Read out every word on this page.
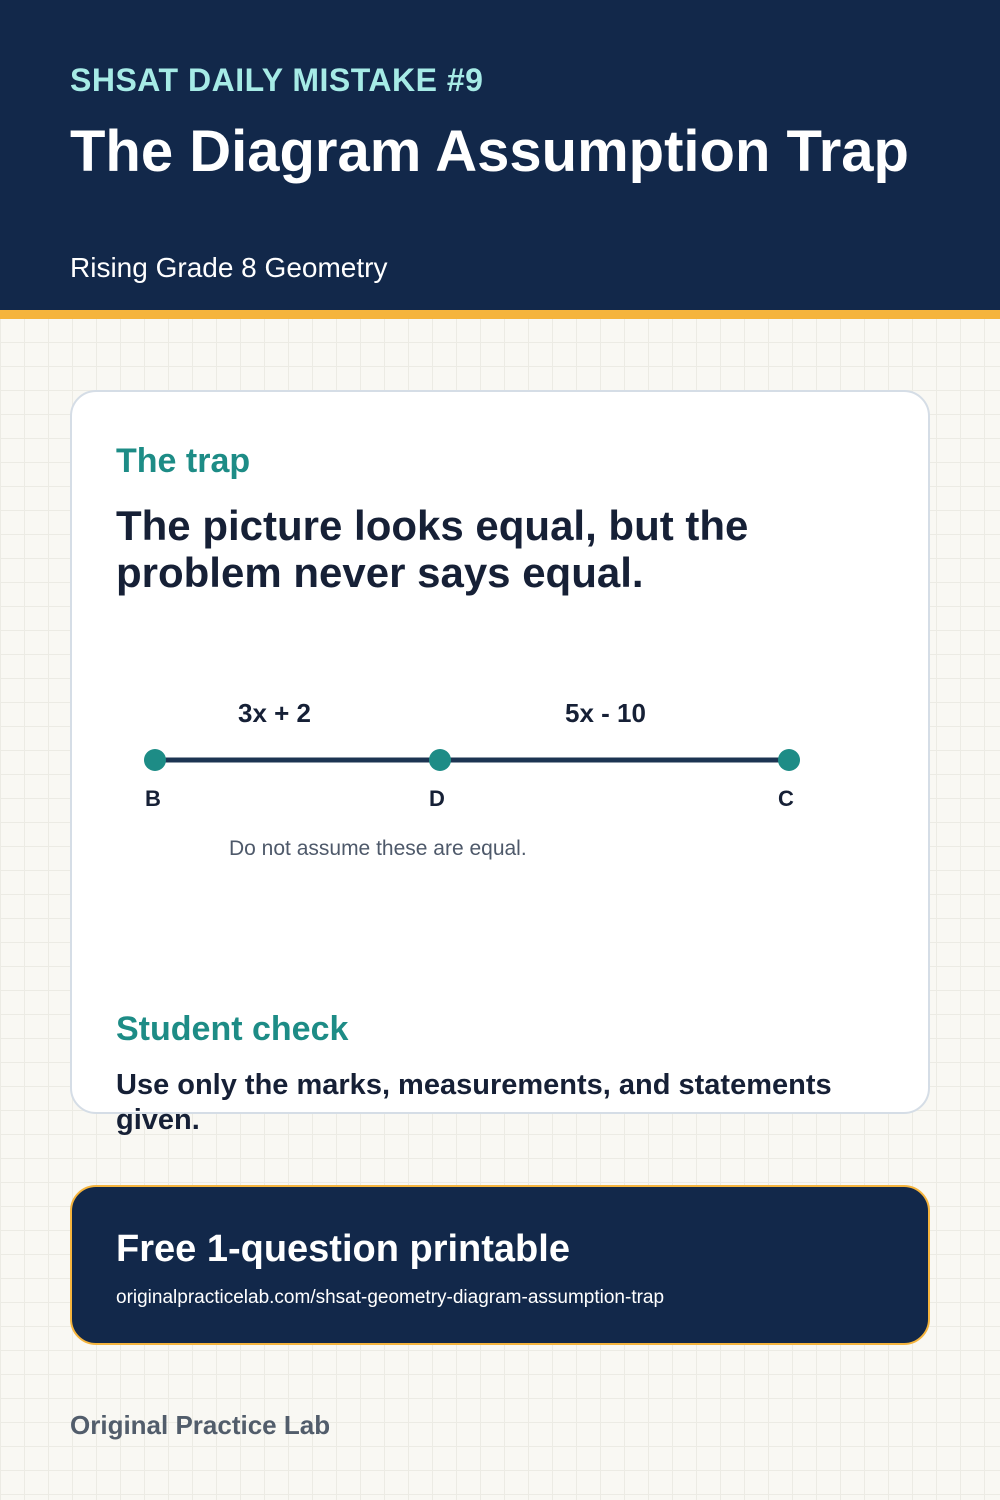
SHSAT DAILY MISTAKE #9
The Diagram Assumption Trap
Rising Grade 8 Geometry
The trap
The picture looks equal, but the problem never says equal.
3x + 2	5x - 10
B	D	C
Do not assume these are equal.
Student check
Use only the marks, measurements, and statements given.
Free 1-question printable
originalpracticelab.com/shsat-geometry-diagram-assumption-trap
Original Practice Lab
